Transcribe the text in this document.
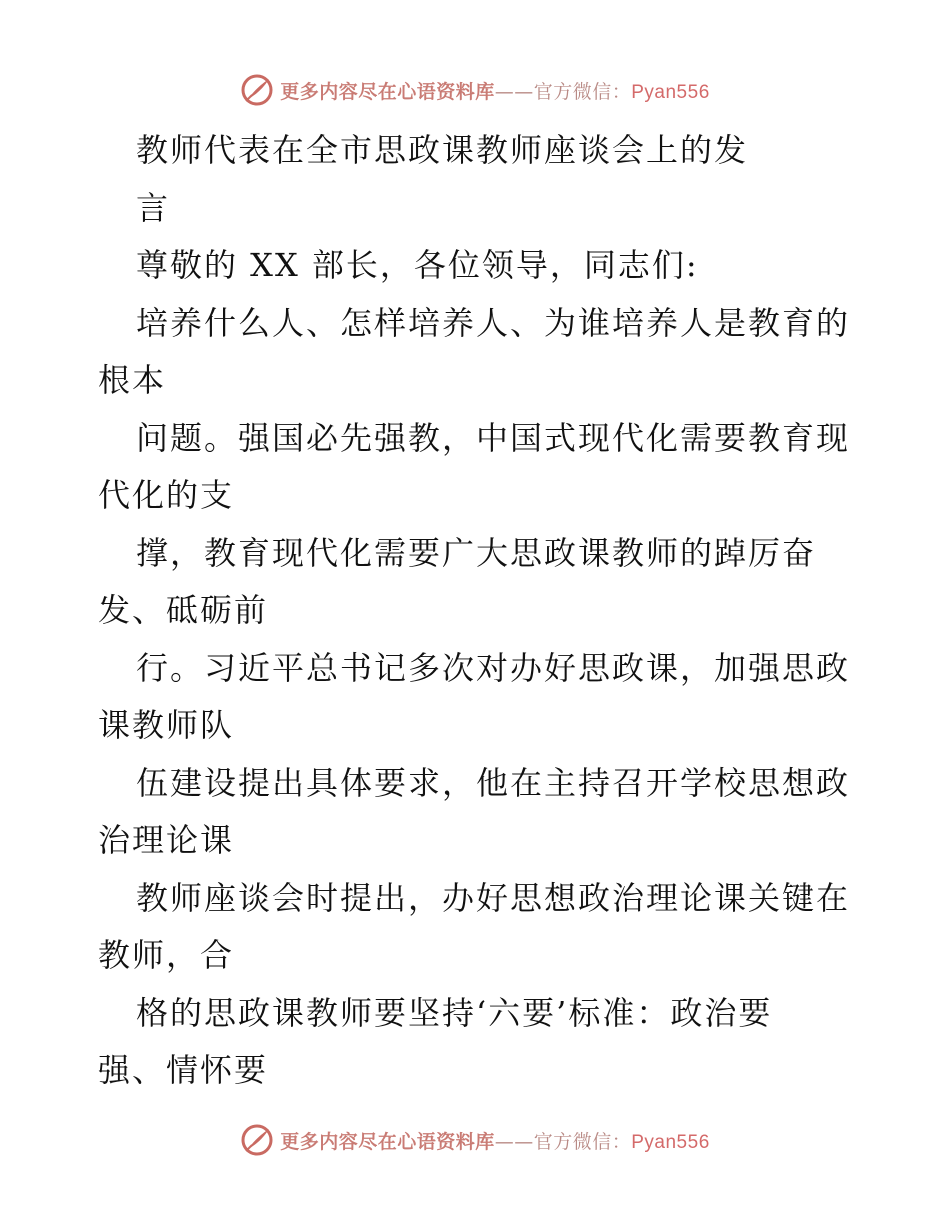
更多内容尽在心语资料库——官方微信：Pyan556
教师代表在全市思政课教师座谈会上的发
言
尊敬的 XX 部长，各位领导，同志们:
培养什么人、怎样培养人、为谁培养人是教育的
根本
问题。强国必先强教，中国式现代化需要教育现
代化的支
撑，教育现代化需要广大思政课教师的踔厉奋
发、砥砺前
行。习近平总书记多次对办好思政课，加强思政
课教师队
伍建设提出具体要求，他在主持召开学校思想政
治理论课
教师座谈会时提出，办好思想政治理论课关键在
教师，合
格的思政课教师要坚持‘六要’标准：政治要
强、情怀要
更多内容尽在心语资料库——官方微信：Pyan556
